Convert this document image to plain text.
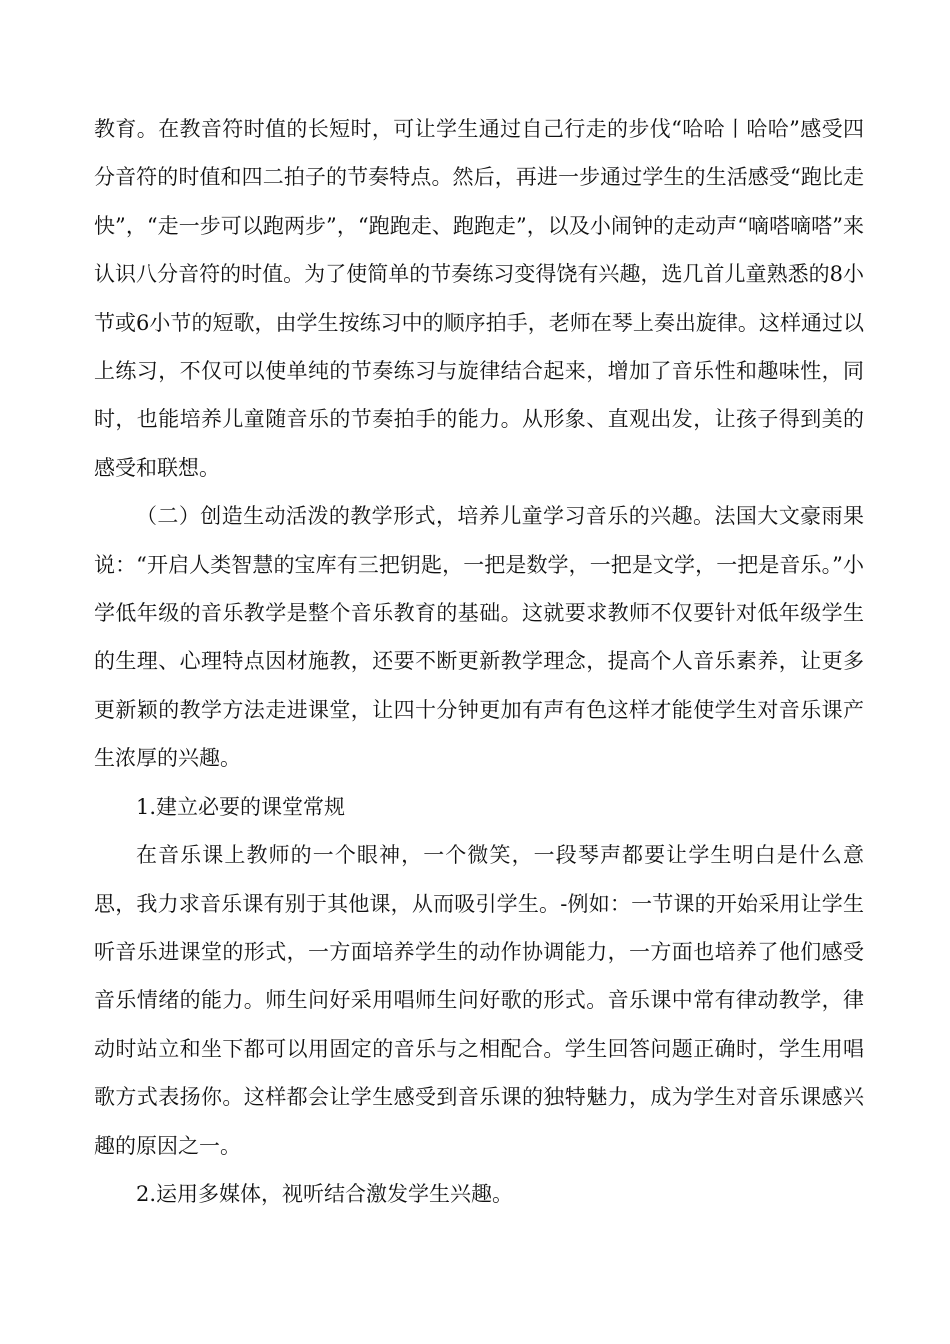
教育。在教音符时值的长短时，可让学生通过自己行走的步伐“哈哈丨哈哈”感受四分音符的时值和四二拍子的节奏特点。然后，再进一步通过学生的生活感受“跑比走快”，“走一步可以跑两步”，“跑跑走、跑跑走”，以及小闹钟的走动声“嘀嗒嘀嗒”来认识八分音符的时值。为了使简单的节奏练习变得饶有兴趣，选几首儿童熟悉的8小节或6小节的短歌，由学生按练习中的顺序拍手，老师在琴上奏出旋律。这样通过以上练习，不仅可以使单纯的节奏练习与旋律结合起来，增加了音乐性和趣味性，同时，也能培养儿童随音乐的节奏拍手的能力。从形象、直观出发，让孩子得到美的感受和联想。

（二）创造生动活泼的教学形式，培养儿童学习音乐的兴趣。法国大文豪雨果说：“开启人类智慧的宝库有三把钥匙，一把是数学，一把是文学，一把是音乐。”小学低年级的音乐教学是整个音乐教育的基础。这就要求教师不仅要针对低年级学生的生理、心理特点因材施教，还要不断更新教学理念，提高个人音乐素养，让更多更新颖的教学方法走进课堂，让四十分钟更加有声有色这样才能使学生对音乐课产生浓厚的兴趣。

1.建立必要的课堂常规

在音乐课上教师的一个眼神，一个微笑，一段琴声都要让学生明白是什么意思，我力求音乐课有别于其他课，从而吸引学生。-例如：一节课的开始采用让学生听音乐进课堂的形式，一方面培养学生的动作协调能力，一方面也培养了他们感受音乐情绪的能力。师生问好采用唱师生问好歌的形式。音乐课中常有律动教学，律动时站立和坐下都可以用固定的音乐与之相配合。学生回答问题正确时，学生用唱歌方式表扬你。这样都会让学生感受到音乐课的独特魅力，成为学生对音乐课感兴趣的原因之一。

2.运用多媒体，视听结合激发学生兴趣。
